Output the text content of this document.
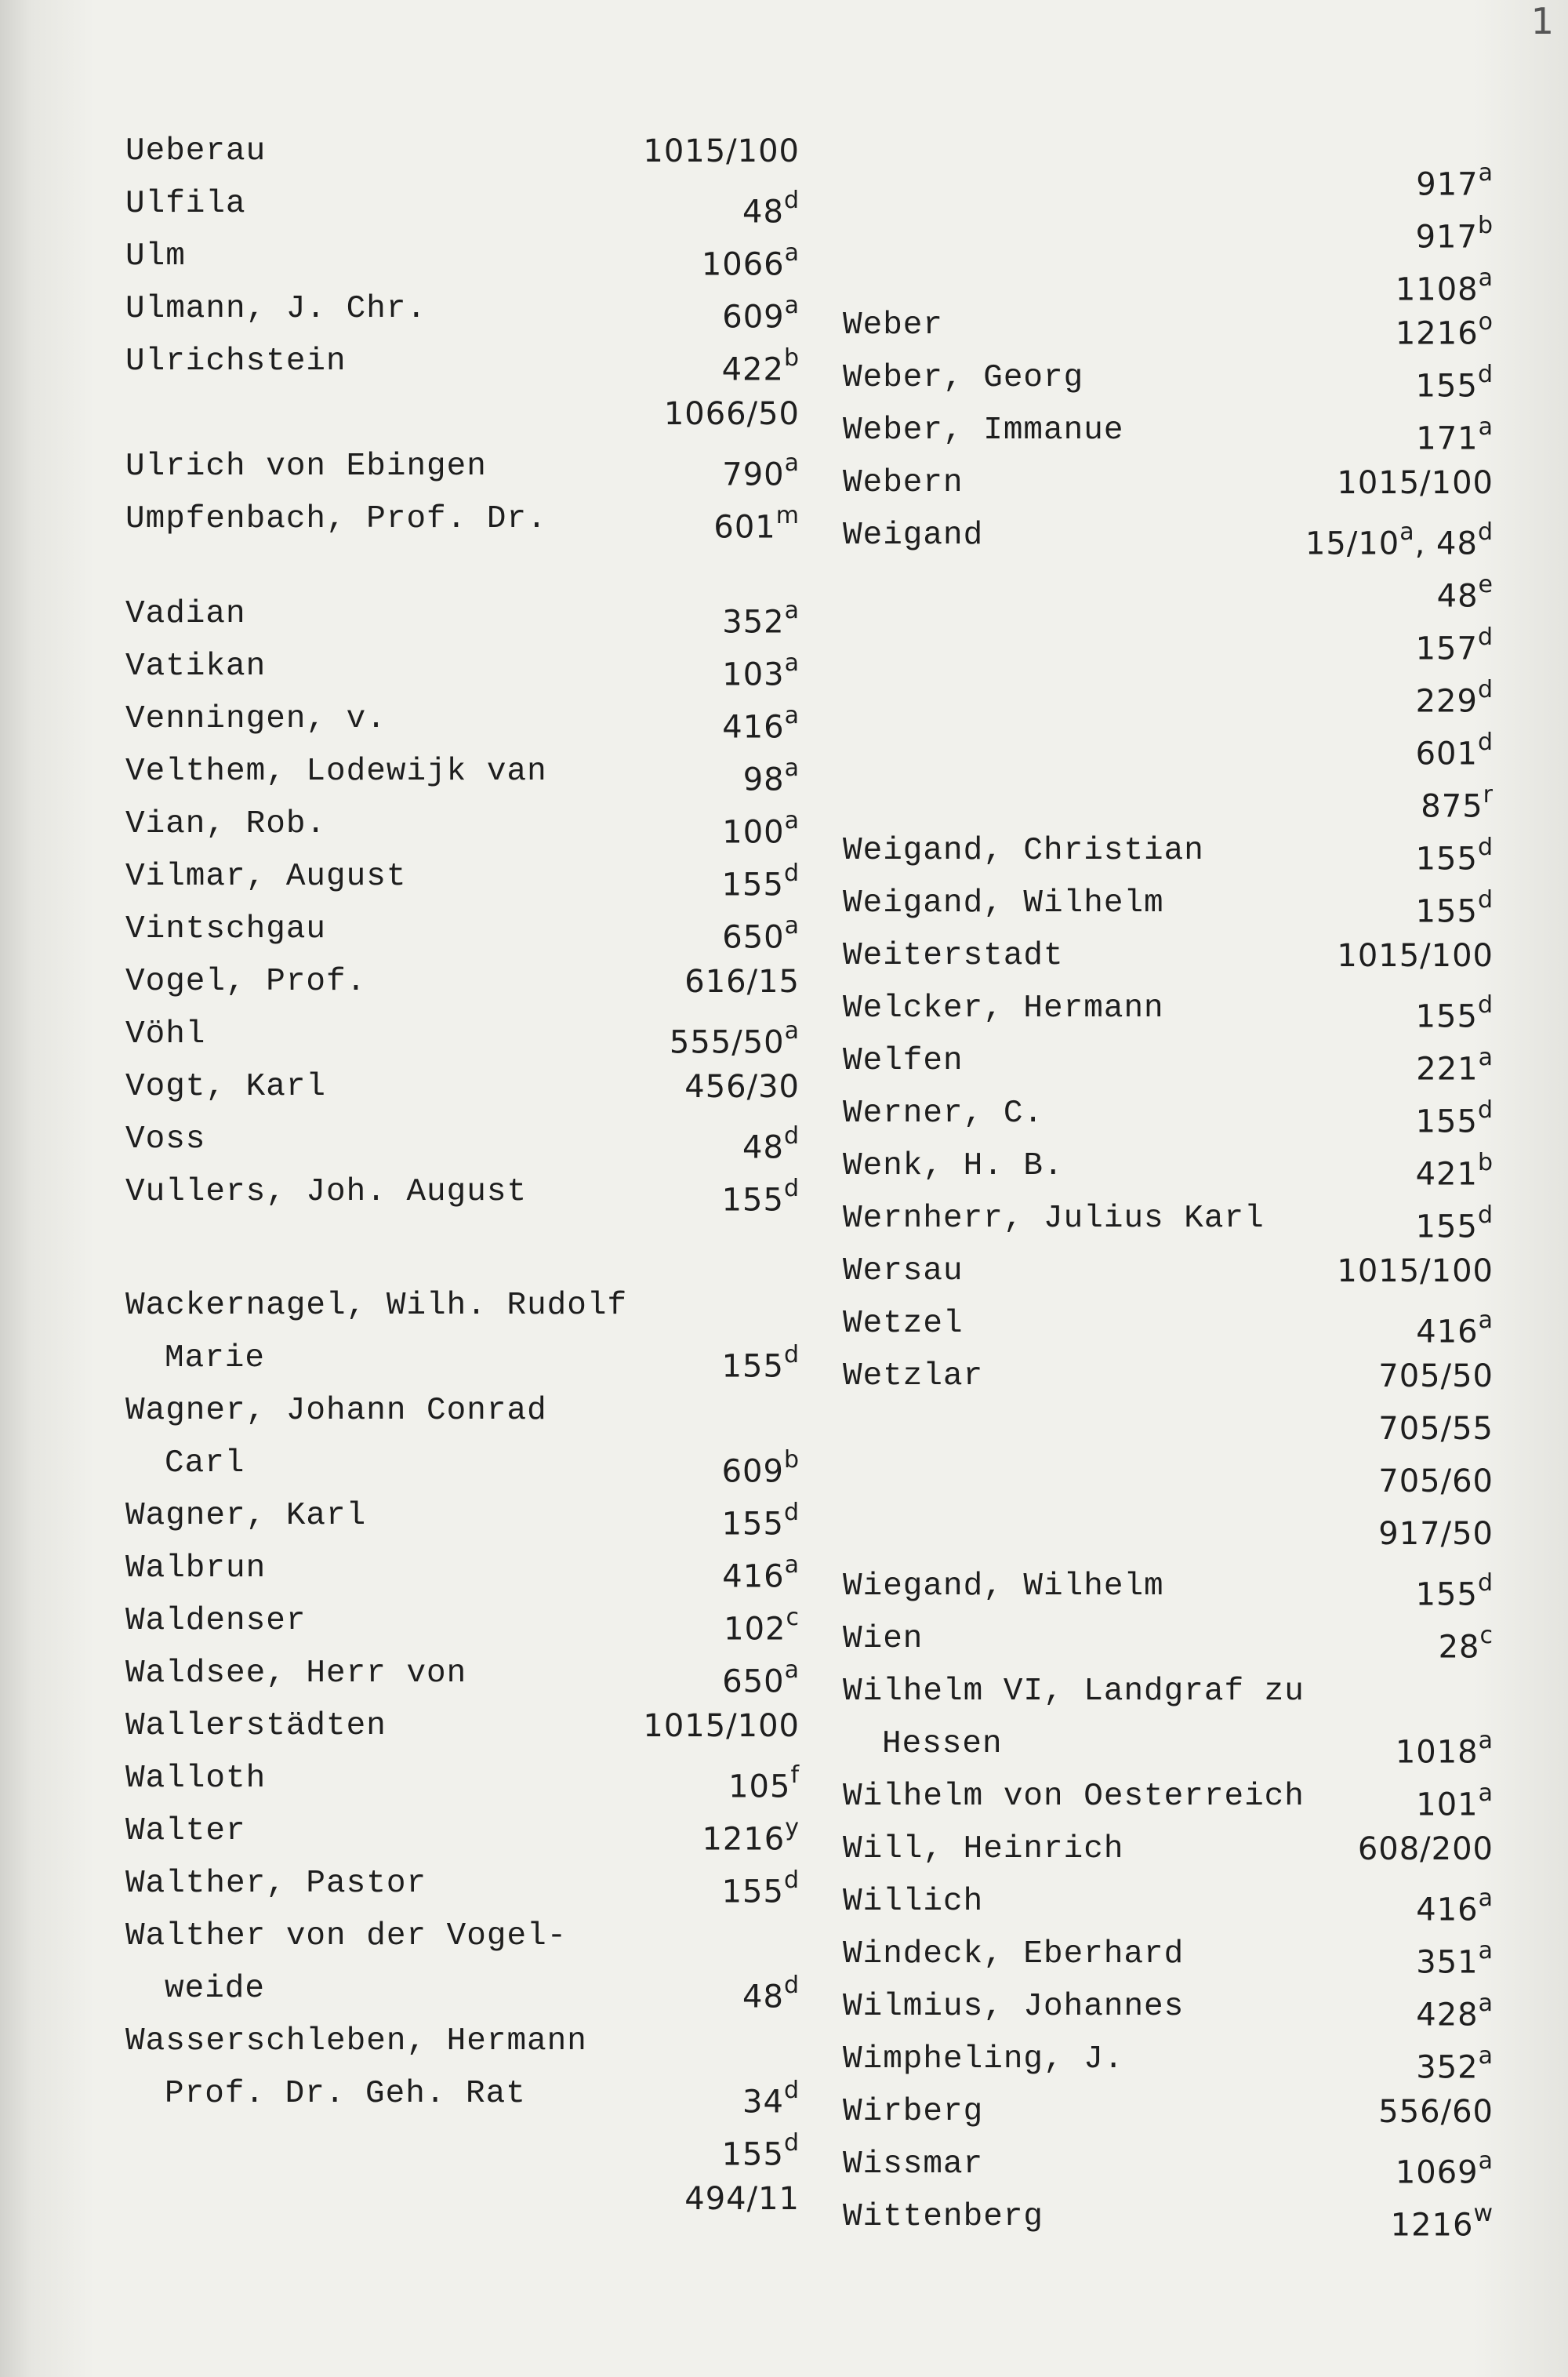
1
Ueberau	1015/100
Ulfila	48$^d$
Ulm	1066$^a$
Ulmann, J. Chr.	609$^a$
Ulrichstein	422$^b$
1066/50
Ulrich von Ebingen	790$^a$
Umpfenbach, Prof. Dr.	601$^m$
Vadian	352$^a$
Vatikan	103$^a$
Venningen, v.	416$^a$
Velthem, Lodewijk van	98$^a$
Vian, Rob.	100$^a$
Vilmar, August	155$^d$
Vintschgau	650$^a$
Vogel, Prof.	616/15
Vöhl	555/50$^a$
Vogt, Karl	456/30
Voss	48$^d$
Vullers, Joh. August	155$^d$
Wackernagel, Wilh. Rudolf
Marie	155$^d$
Wagner, Johann Conrad
Carl	609$^b$
Wagner, Karl	155$^d$
Walbrun	416$^a$
Waldenser	102$^c$
Waldsee, Herr von	650$^a$
Wallerstädten	1015/100
Walloth	105$^f$
Walter	1216$^y$
Walther, Pastor	155$^d$
Walther von der Vogel-
weide	48$^d$
Wasserschleben, Hermann
Prof. Dr. Geh. Rat	34$^d$
155$^d$
494/11
917$^a$
917$^b$
1108$^a$
Weber	1216$^o$
Weber, Georg	155$^d$
Weber, Immanue	171$^a$
Webern	1015/100
Weigand	15/10$^a$, 48$^d$
48e
157$^d$
229$^d$
601$^d$
875$^r$
Weigand, Christian	155$^d$
Weigand, Wilhelm	155$^d$
Weiterstadt	1015/100
Welcker, Hermann	155$^d$
Welfen	221$^a$
Werner, C.	155$^d$
Wenk, H. B.	421$^b$
Wernherr, Julius Karl	155$^d$
Wersau	1015/100
Wetzel	416$^a$
Wetzlar	705/50
705/55
705/60
917/50
Wiegand, Wilhelm	155$^d$
Wien	28$^c$
Wilhelm VI, Landgraf zu
Hessen	1018$^a$
Wilhelm von Oesterreich	101$^a$
Will, Heinrich	608/200
Willich	416$^a$
Windeck, Eberhard	351$^a$
Wilmius, Johannes	428$^a$
Wimpheling, J.	352$^a$
Wirberg	556/60
Wissmar	1069$^a$
Wittenberg	1216$^w$
